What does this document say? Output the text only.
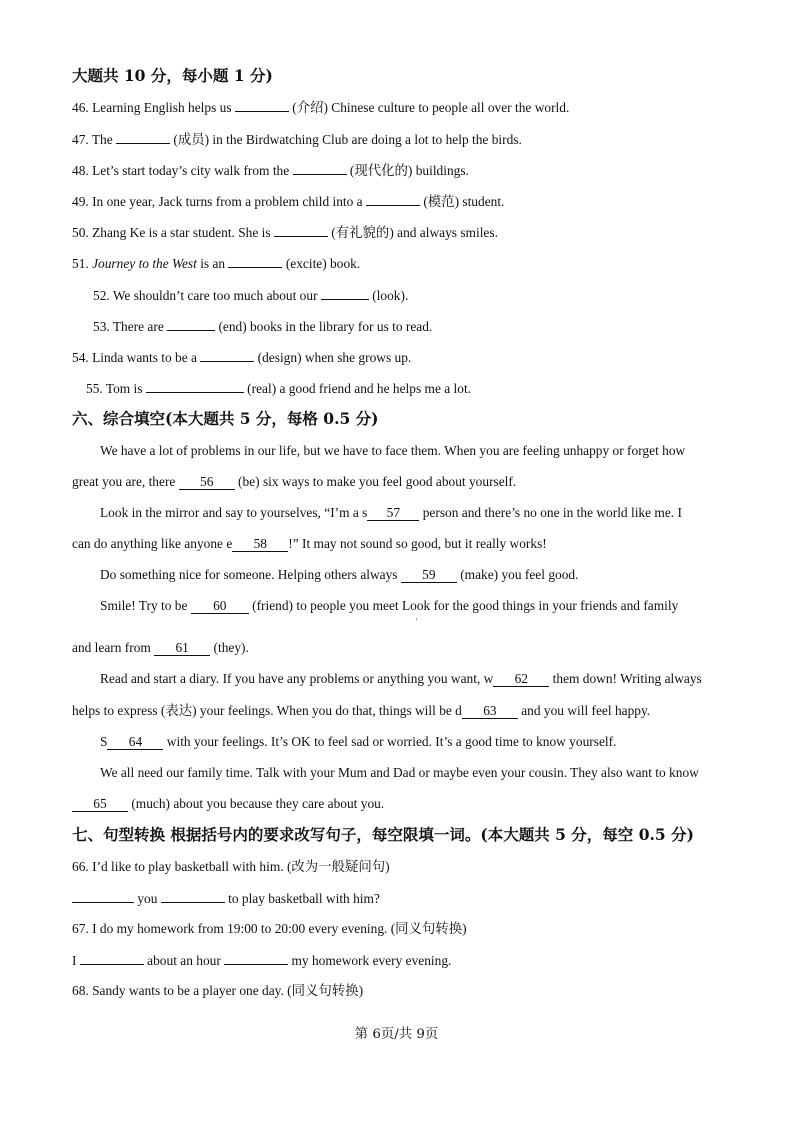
大题共 10 分，每小题 1 分)
46. Learning English helps us	(介绍) Chinese culture to people all over the world.
47. The	(成员) in the Birdwatching Club are doing a lot to help the birds.
48. Let’s start today’s city walk from the	(现代化的) buildings.
49. In one year, Jack turns from a problem child into a	(模范) student.
50. Zhang Ke is a star student. She is	(有礼貌的) and always smiles.
51. Journey to the West is an	(excite) book.
52. We shouldn’t care too much about our	(look).
53. There are	(end) books in the library for us to read.
54. Linda wants to be a	(design) when she grows up.
55. Tom is	(real) a good friend and he helps me a lot.
六、综合填空(本大题共 5 分，每格 0.5 分)
We have a lot of problems in our life, but we have to face them. When you are feeling unhappy or forget how
great you are, there 56 (be) six ways to make you feel good about yourself.
Look in the mirror and say to yourselves, “I’m a s 57 person and there’s no one in the world like me. I
can do anything like anyone e 58 !” It may not sound so good, but it really works!
Do something nice for someone. Helping others always 59 (make) you feel good.
Smile! Try to be 60 (friend) to people you meet Look for the good things in your friends and family
'
and learn from 61 (they).
Read and start a diary. If you have any problems or anything you want, w 62 them down! Writing always
helps to express (表达) your feelings. When you do that, things will be d 63 and you will feel happy.
S 64 with your feelings. It’s OK to feel sad or worried. It’s a good time to know yourself.
We all need our family time. Talk with your Mum and Dad or maybe even your cousin. They also want to know
65 (much) about you because they care about you.
七、句型转换 根据括号内的要求改写句子，每空限填一词。(本大题共 5 分，每空 0.5 分)
66. I’d like to play basketball with him. (改为一般疑问句)
you	to play basketball with him?
67. I do my homework from 19:00 to 20:00 every evening. (同义句转换)
I	about an hour	my homework every evening.
68. Sandy wants to be a player one day. (同义句转换)
第 6页/共 9页
